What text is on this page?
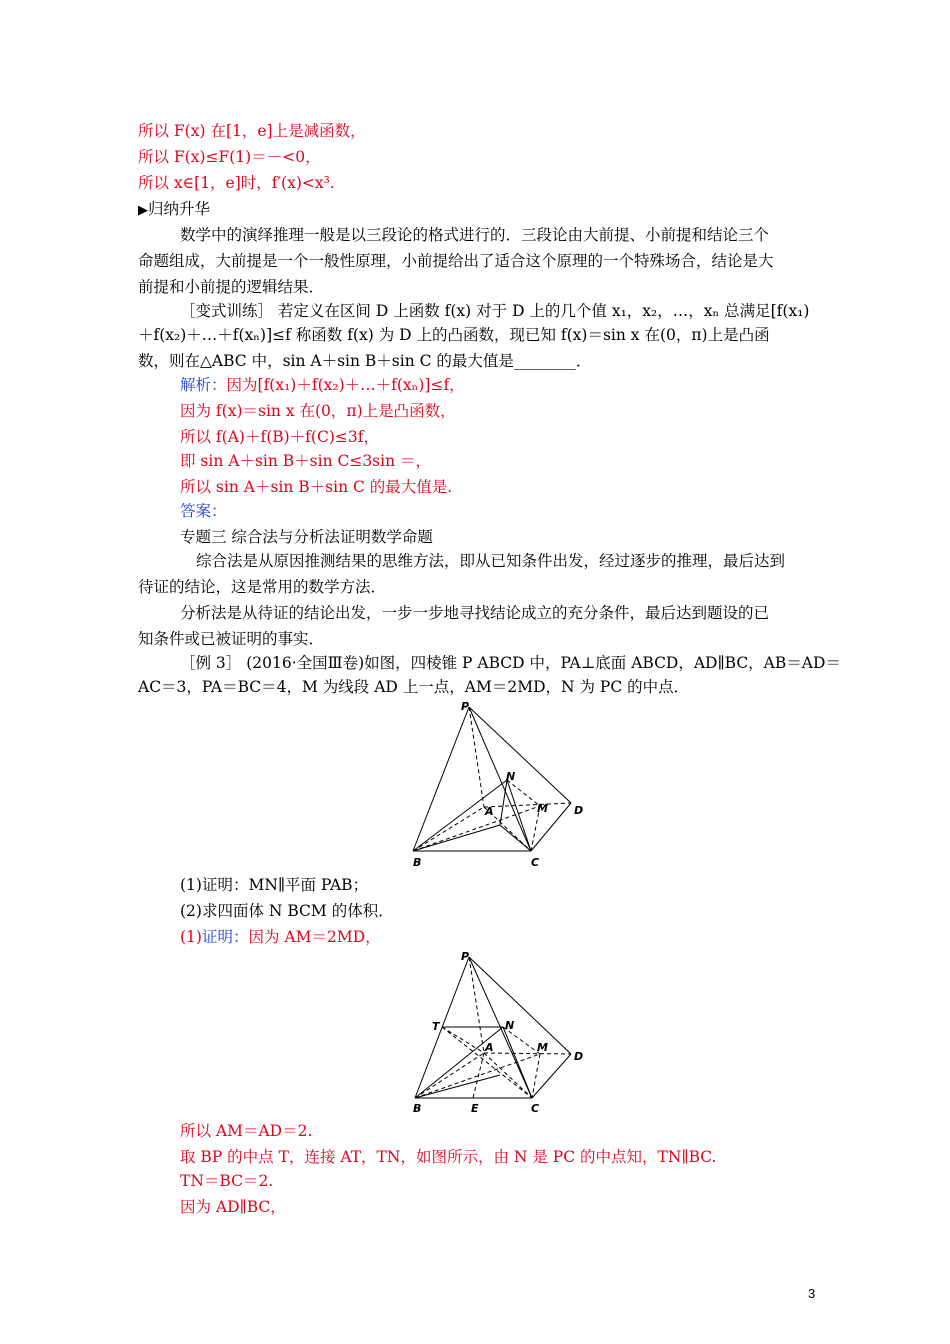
所以 F(x) 在[1，e]上是减函数，
所以 F(x)≤F(1)＝－<0，
所以 x∈[1，e]时，f′(x)<x³.
▶归纳升华
数学中的演绎推理一般是以三段论的格式进行的．三段论由大前提、小前提和结论三个
命题组成，大前提是一个一般性原理，小前提给出了适合这个原理的一个特殊场合，结论是大
前提和小前提的逻辑结果．
［变式训练］ 若定义在区间 D 上函数 f(x) 对于 D 上的几个值 x₁，x₂，…，xₙ 总满足[f(x₁)
＋f(x₂)＋…＋f(xₙ)]≤f 称函数 f(x) 为 D 上的凸函数，现已知 f(x)＝sin x 在(0，π)上是凸函
数，则在△ABC 中，sin A＋sin B＋sin C 的最大值是________．
解析：因为[f(x₁)＋f(x₂)＋…＋f(xₙ)]≤f，
因为 f(x)＝sin x 在(0，π)上是凸函数，
所以 f(A)＋f(B)＋f(C)≤3f，
即 sin A＋sin B＋sin C≤3sin ＝，
所以 sin A＋sin B＋sin C 的最大值是.
答案：
专题三 综合法与分析法证明数学命题
综合法是从原因推测结果的思维方法，即从已知条件出发，经过逐步的推理，最后达到
待证的结论，这是常用的数学方法．
分析法是从待证的结论出发，一步一步地寻找结论成立的充分条件，最后达到题设的已
知条件或已被证明的事实．
［例 3］ (2016·全国Ⅲ卷)如图，四棱锥 P ABCD 中，PA⊥底面 ABCD，AD∥BC，AB＝AD＝
AC＝3，PA＝BC＝4，M 为线段 AD 上一点，AM＝2MD，N 为 PC 的中点．
P
N
A	M D
B	C
(1)证明：MN∥平面 PAB；
(2)求四面体 N BCM 的体积．
(1)证明：因为 AM＝2MD，
P
T	N
A	M
D
B	E	C
所以 AM＝AD＝2.
取 BP 的中点 T，连接 AT，TN，如图所示，由 N 是 PC 的中点知，TN∥BC.
TN＝BC＝2.
因为 AD∥BC，
3
